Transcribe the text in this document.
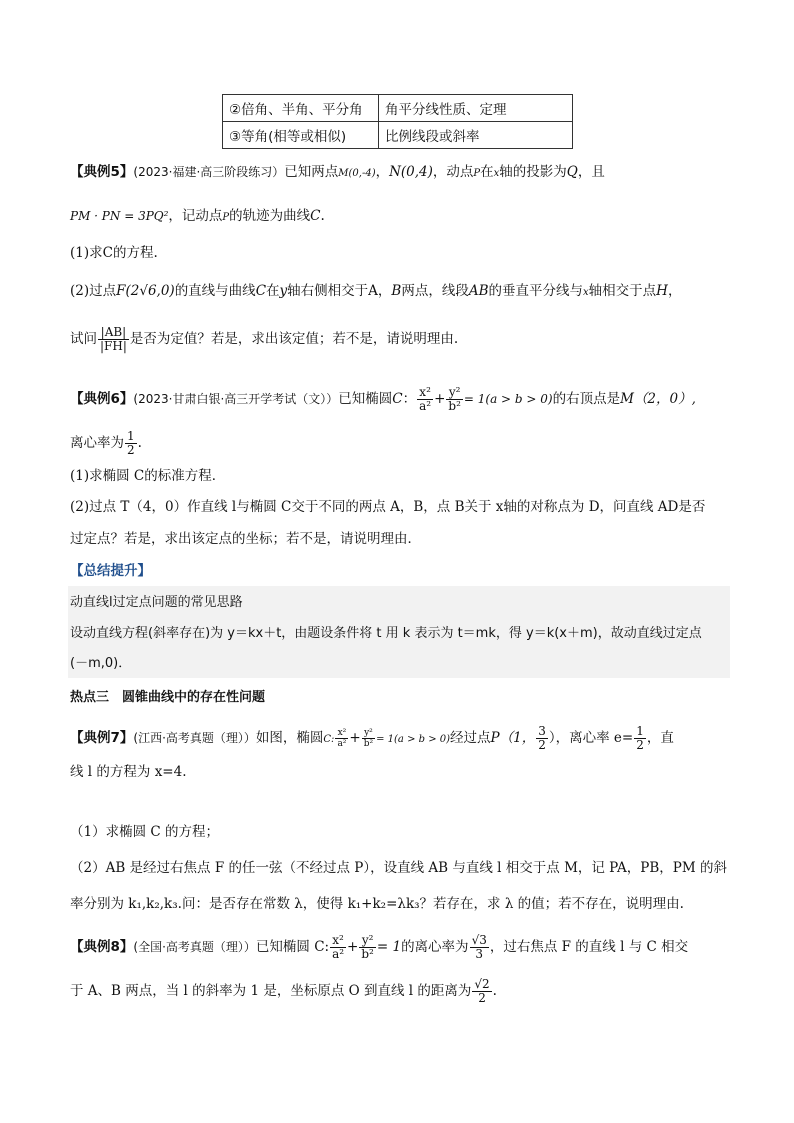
②倍角、半角、平分角	角平分线性质、定理
③等角(相等或相似)	比例线段或斜率
【典例5】(2023·福建·高三阶段练习）已知两点M(0,-4)，N(0,4)，动点P在x轴的投影为Q，且
PM · PN = 3PQ²，记动点P的轨迹为曲线C.
(1)求C的方程.
(2)过点F(2√6,0)的直线与曲线C在y轴右侧相交于A，B两点，线段AB的垂直平分线与x轴相交于点H，
试问 $\frac{|AB|}{|FH|}$ 是否为定值？若是，求出该定值；若不是，请说明理由.
【典例6】(2023·甘肃白银·高三开学考试（文））已知椭圆C： $\frac{\text{x²}}{\text{a²}} + \frac{\text{y²}}{\text{b²}} = 1(a > b > 0)$的右顶点是M（2，0）,
离心率为 $\frac{1}{2}$ .
(1)求椭圆 C的标准方程．
(2)过点 T（4，0）作直线 l与椭圆 C交于不同的两点 A，B，点 B关于 x轴的对称点为 D，问直线 AD是否
过定点？若是，求出该定点的坐标；若不是，请说明理由．
【总结提升】
动直线l过定点问题的常见思路
设动直线方程(斜率存在)为 y＝kx＋t，由题设条件将 t 用 k 表示为 t＝mk，得 y＝k(x＋m)，故动直线过定点
(－m,0)．
热点三　圆锥曲线中的存在性问题
【典例7】(江西·高考真题（理））如图，椭圆C: $\frac{\text{x²}}{\text{a²}} + \frac{\text{y²}}{\text{b²}} = 1(a > b > 0)$经过点P（1， $\frac{3}{2}$ ），离心率 $e= \frac{1}{2}$ ，直
线 l 的方程为 x=4.
（1）求椭圆 C 的方程；
（2）AB 是经过右焦点 F 的任一弦（不经过点 P），设直线 AB 与直线 l 相交于点 M，记 PA，PB，PM 的斜
率分别为 k₁,k₂,k₃.问：是否存在常数 λ，使得 k₁+k₂=λk₃？若存在，求 λ 的值；若不存在，说明理由.
【典例8】(全国·高考真题（理））已知椭圆 C: $\frac{\text{x²}}{\text{a²}} + \frac{\text{y²}}{\text{b²}} = 1$的离心率为 $\frac{√3}{3}$ ，过右焦点 F 的直线 l 与 C 相交
于 A、B 两点，当 l 的斜率为 1 是，坐标原点 O 到直线 l 的距离为 $\frac{√2}{2}$ .
